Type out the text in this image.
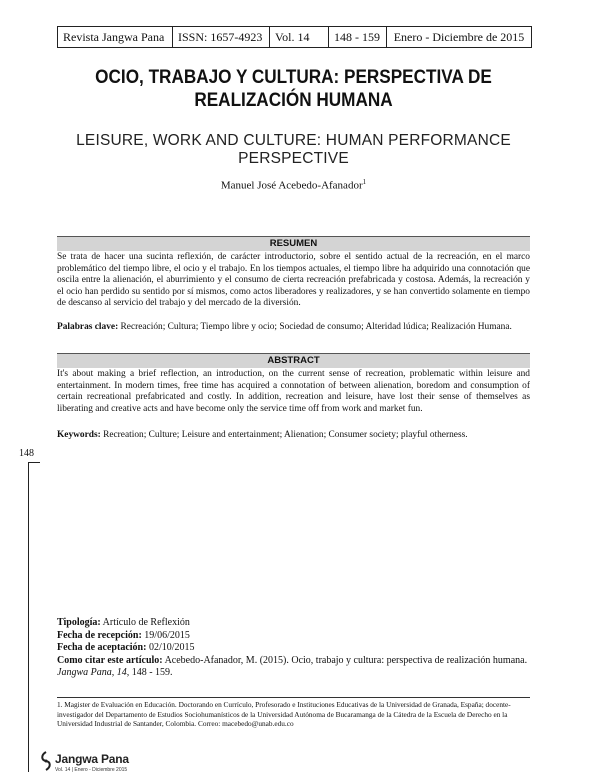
Revista Jangwa Pana	ISSN: 1657-4923	Vol. 14	148 - 159	Enero - Diciembre de 2015
OCIO, TRABAJO Y CULTURA: PERSPECTIVA DE REALIZACIÓN HUMANA
LEISURE, WORK AND CULTURE: HUMAN PERFORMANCE PERSPECTIVE
Manuel José Acebedo-Afanador$^1$
RESUMEN
Se trata de hacer una sucinta reflexión, de carácter introductorio, sobre el sentido actual de la recreación, en el marco problemático del tiempo libre, el ocio y el trabajo. En los tiempos actuales, el tiempo libre ha adquirido una connotación que oscila entre la alienación, el aburrimiento y el consumo de cierta recreación prefabricada y costosa. Además, la recreación y el ocio han perdido su sentido por sí mismos, como actos liberadores y realizadores, y se han convertido solamente en tiempo de descanso al servicio del trabajo y del mercado de la diversión.
Palabras clave: Recreación; Cultura; Tiempo libre y ocio; Sociedad de consumo; Alteridad lúdica; Realización Humana.
ABSTRACT
It's about making a brief reflection, an introduction, on the current sense of recreation, problematic within leisure and entertainment. In modern times, free time has acquired a connotation of between alienation, boredom and consumption of certain recreational prefabricated and costly. In addition, recreation and leisure, have lost their sense of themselves as liberating and creative acts and have become only the service time off from work and market fun.
Keywords: Recreation; Culture; Leisure and entertainment; Alienation; Consumer society; playful otherness.
148
Tipología: Artículo de Reflexión
Fecha de recepción: 19/06/2015
Fecha de aceptación: 02/10/2015
Como citar este artículo: Acebedo-Afanador, M. (2015). Ocio, trabajo y cultura: perspectiva de realización humana. Jangwa Pana, 14, 148 - 159.
1. Magister de Evaluación en Educación. Doctorando en Currículo, Profesorado e Instituciones Educativas de la Universidad de Granada, España; docente-investigador del Departamento de Estudios Sociohumanísticos de la Universidad Autónoma de Bucaramanga de la Cátedra de la Escuela de Derecho en la Universidad Industrial de Santander, Colombia. Correo: macebedo@unab.edu.co
Jangwa Pana
Vol. 14 | Enero - Diciembre 2015
